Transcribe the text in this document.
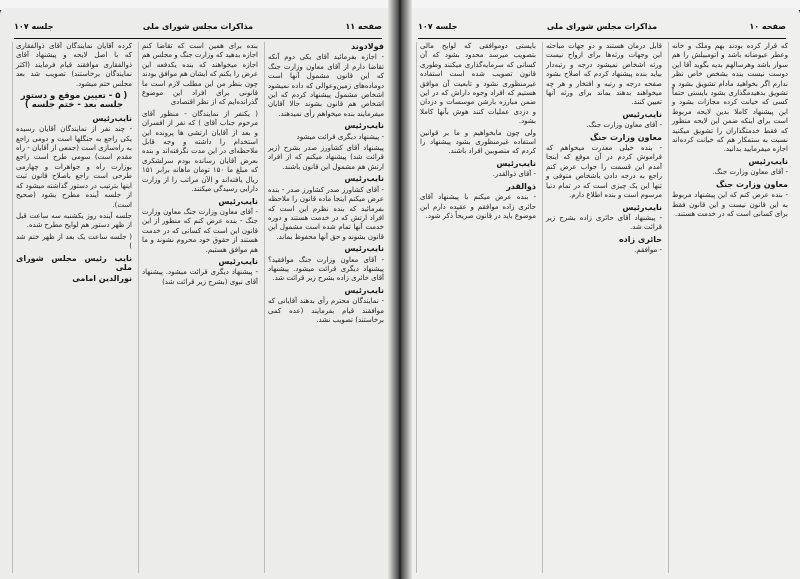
صفحه ۱۱
مذاکرات مجلس شورای ملی
جلسه ۱۰۷

فولادوند

- اجازه بفرمائید آقای یکی دوم آنکه تقاضا دارم از آقای معاون وزارت جنگ که این قانون مشمول آنها است دوماده‌های زمین‌وعوالی که داده نمیشود اشخاص مشمول پیشنهاد کردم که این اشخاص هم قانون بشوند حالا آقایان میفرمایند بنده میخواهم رأی نمیدهند.

نایب‌رئیس

- پیشنهاد دیگری قرائت میشود

پیشنهاد آقای کشاورز صدر بشرح (زیر قرائت شد) پیشنهاد میکنم که از افراد ارتش هم مشمول این قانون باشند.

نایب‌رئیس

- آقای کشاورز صدر کشاورز صدر - بنده عرض میکنم اینجا ماده قانون را ملاحظه بفرمائید که بنده نظرم این است که افراد ارتش که در خدمت هستند و دوره خدمت آنها تمام شده است مشمول این قانون بشوند و حق آنها محفوظ بماند.

نایب‌رئیس

- آقای معاون وزارت جنگ موافقید؟ پیشنهاد دیگری قرائت میشود. پیشنهاد آقای حائری زاده بشرح زیر قرائت شد.

نایب‌رئیس

- نمایندگان محترم رأی بدهند آقایانی که موافقند قیام بفرمایند (عده کمی برخاستند) تصویب نشد.

بنده برای همین است که تقاضا کنم اجازه بدهید که وزارت جنگ و مجلس هم اجازه میخواهند که بنده یکدفعه این عرض را بکنم که ایشان هم موافق بودند چون بنظر من این مطلب لازم است ما قانونی برای افراد این موضوع گذرانده‌ایم که از نظر اقتصادی

( یکنفر از نمایندگان - منظور آقای مرحوم جناب آقای ) که نفر از افسران و بعد از آقایان ارتشی ها پرونده این استخدام را داشته و وجه قابل ملاحظه‌ای در این مدت نگرفته‌اند و بنده بعرض آقایان رسانده بودم سرلشکری که مبلغ ما ۱۵۰ تومان ماهانه برابر ۱۵۱ ریال یافته‌اند و الآن مراتب را از وزارت دارایی رسیدگی میکنند.

نایب‌رئیس

- آقای معاون وزارت جنگ معاون وزارت جنگ - بنده عرض کنم که منظور از این قانون این است که کسانی که در خدمت هستند از حقوق خود محروم نشوند و ما هم موافق هستیم.

نایب‌رئیس

- پیشنهاد دیگری قرائت میشود. پیشنهاد آقای نبوی (بشرح زیر قرائت شد)

کرده آقایان نمایندگان آقای ذوالفقاری که با اصل لایحه و پیشنهاد آقای ذوالفقاری موافقند قیام فرمایند (اکثر نمایندگان برخاستند) تصویب شد بعد مجلس ختم میشود.

( ۵ - تعیین موقع و دستور جلسه بعد - ختم جلسه )

نایب‌رئیس

- چند نفر از نمایندگان آقایان رسیده یکی راجع به جنگلها است و دومی راجع به راه‌سازی است (جمعی از آقایان - راه مقدم است) سومی طرح است راجع بوزارت راه و جواهرات و چهارمی طرحی است راجع باصلاح قانون ثبت اینها بترتیب در دستور گذاشته میشود که از جلسه آینده مطرح بشود (صحیح است).

جلسه آینده روز یکشنبه سه ساعت قبل از ظهر دستور هم لوایح مطرح شده.

( جلسه ساعت یک بعد از ظهر ختم شد )

نایب رئیس مجلس شورای ملی

نورالدین امامی

صفحه ۱۰
مذاکرات مجلس شورای ملی
جلسه ۱۰۷

که قرار کرده بودند بهم وملک و خانه وعطر عیوضانه باشد و اتومبیلش را هم سوار باشد وهرسالهم بدیه بگوید آقا این دوست نیست بنده بشخص خاص نظر ندارم اگر بخواهید مادام تشویق بشود و تشویق بدهیدمگذاری بشود بایستی حتماً کسی که خیانت کرده مجازات بشود و این پیشنهاد کاملا بدین لایحه مربوط است برای اینکه ضمن این لایحه منظور که فقط خدمتگذاران را تشویق میکنید نسبت به ستمکار هم که خیانت کرده‌اند اجازه میفرمایید بدانید.

نایب‌رئیس

- آقای معاون وزارت جنگ.

معاون وزارت جنگ

- بنده عرض کنم که این پیشنهاد مربوط به این قانون نیست و این قانون فقط برای کسانی است که در خدمت هستند.

قابل درمان هستند و دو جهات مباحثه این وجهات ورثه‌ها برای ارواح نیست ورثه اشخاص نمیشود درجه و رتبه‌دار بیاید بنده پیشنهاد کردم که اصلاح بشود صفحه درجه و رتبه و افتخار و هر چه میخواهند بدهند بماند برای ورثه آنها تعیین کنند.

نایب‌رئیس

- آقای معاون وزارت جنگ.

معاون وزارت جنگ

- بنده خیلی معذرت میخواهم که فراموش کردم در آن موقع که اینجا آمدم این قسمت را جواب عرض کنم راجع به درجه دادن باشخاص متوفی و تنها این یک چیزی است که در تمام دنیا مرسوم است و بنده اطلاع دارم.

نایب‌رئیس

- پیشنهاد آقای حائری زاده بشرح زیر قرائت شد.

حائری زاده

- موافقم.

بایستی دوموافقی که لوایح مالی بتصویب میرسد محدود بشود که آن کسانی که سرمایه‌گذاری میکنند وطوری قانون تصویب شده است استفاده غیرمنظوری نشود و تابعیت آن موافق هستیم که افراد وجوه داراش که در این ضمن مبارزه بارشن موسسات و دزدان و دزدی عملیات کنند هوش بآنها کاملا بشود.

ولی چون مابخواهیم و ما بر قوانین استفاده غیرمنظوری بشود پیشنهاد را کردم که منصوبین افراد باشند.

نایب‌رئیس

- آقای ذوالقدر.

ذوالقدر

- بنده عرض میکنم با پیشنهاد آقای حائری زاده موافقم و عقیده دارم این موضوع باید در قانون صریحاً ذکر شود.
